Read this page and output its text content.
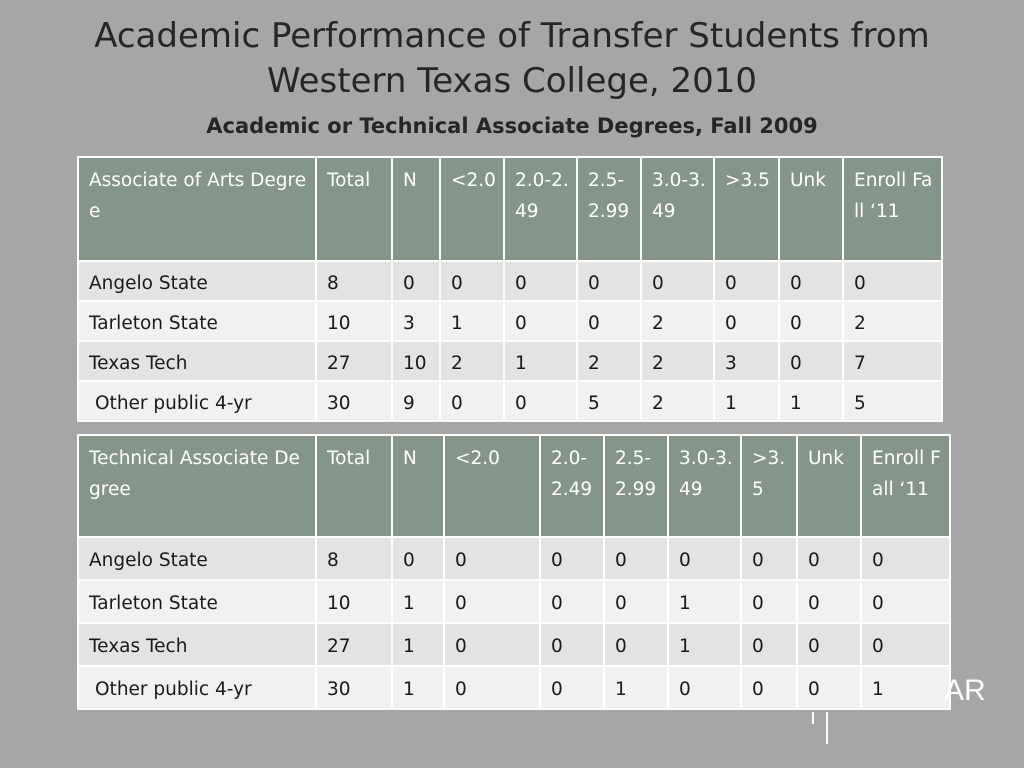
Academic Performance of Transfer Students from
Western Texas College, 2010
Academic or Technical Associate Degrees, Fall 2009
Associate of Arts Degree	Total	N	<2.0	2.0-2.49	2.5-2.99	3.0-3.49	>3.5	Unk	Enroll Fall ‘11
Angelo State	8	0	0	0	0	0	0	0	0
Tarleton State	10	3	1	0	0	2	0	0	2
Texas Tech	27	10	2	1	2	2	3	0	7
Other public 4-yr	30	9	0	0	5	2	1	1	5
Technical Associate Degree	Total	N	<2.0	2.0-2.49	2.5-2.99	3.0-3.49	>3.5	Unk	Enroll Fall ‘11
Angelo State	8	0	0	0	0	0	0	0	0
Tarleton State	10	1	0	0	0	1	0	0	0
Texas Tech	27	1	0	0	0	1	0	0	0
Other public 4-yr	30	1	0	0	1	0	0	0	1 AR
